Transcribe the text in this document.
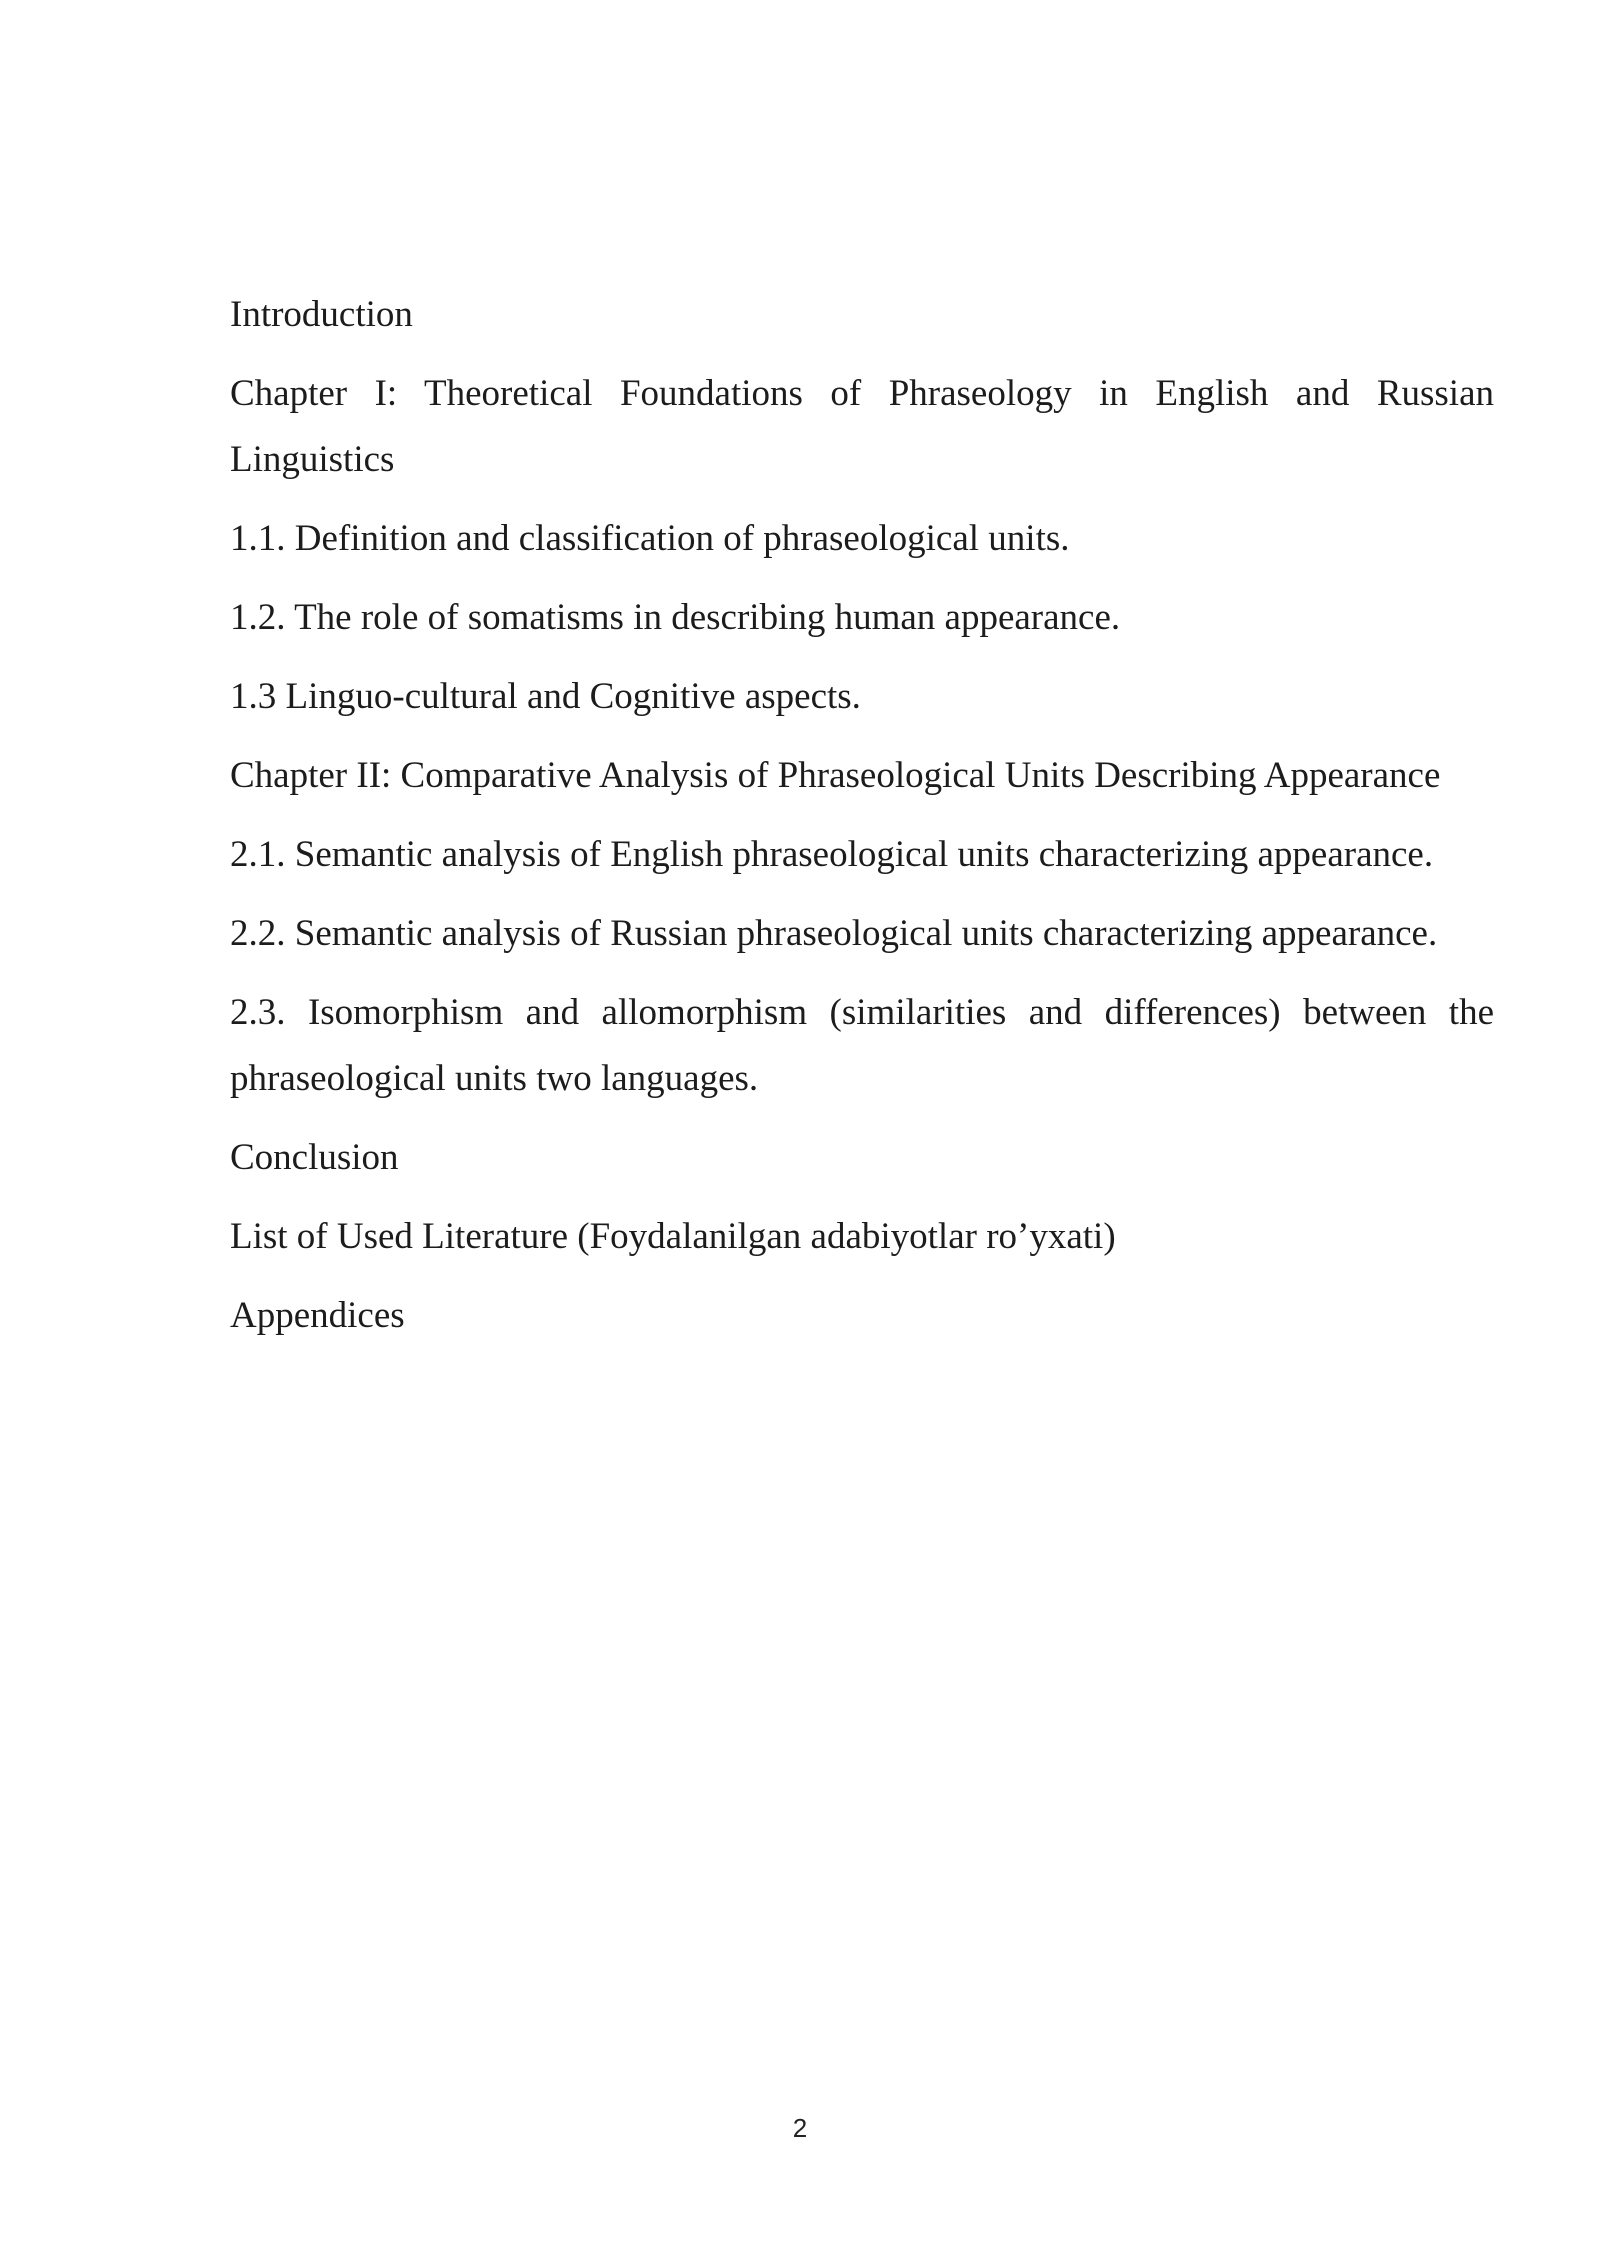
Introduction
Chapter I: Theoretical Foundations of Phraseology in English and Russian Linguistics
1.1. Definition and classification of phraseological units.
1.2. The role of somatisms in describing human appearance.
1.3 Linguo-cultural and Cognitive aspects.
Chapter II: Comparative Analysis of Phraseological Units Describing Appearance
2.1. Semantic analysis of English phraseological units characterizing appearance.
2.2. Semantic analysis of Russian phraseological units characterizing appearance.
2.3. Isomorphism and allomorphism (similarities and differences) between the phraseological units two languages.
Conclusion
List of Used Literature (Foydalanilgan adabiyotlar ro’yxati)
Appendices
2
